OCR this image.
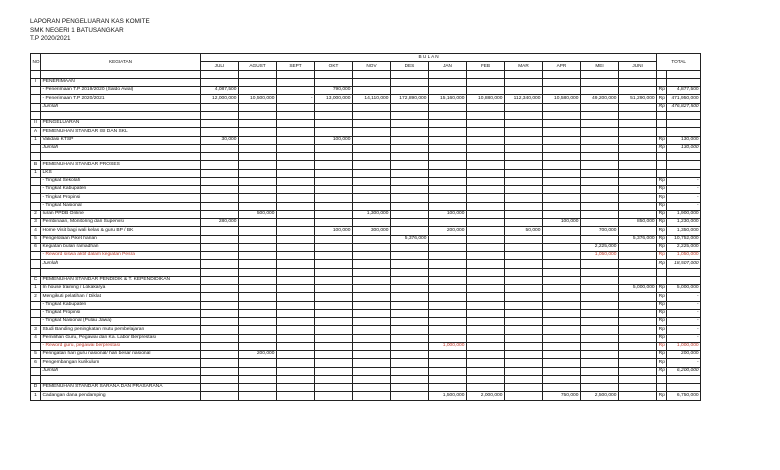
LAPORAN PENGELUARAN KAS KOMITE
SMK NEGERI 1 BATUSANGKAR
T.P 2020/2021
NO	KEGIATAN	B U L A N												TOTAL	
		JULI	AGUST	SEPT	OKT	NOV	DES	JAN	FEB	MAR	APR	MEI	JUNI		

I	PENERIMAAN														
	- Penerimaan T.P 2019/2020 (Saldo Awal)	4,087,500			790,000									Rp	4,877,500
	- Penerimaan T.P 2020/2021	12,000,000	10,500,000	-	13,000,000	14,110,000	172,890,000	15,160,000	10,880,000	112,340,000	10,580,000	49,200,000	51,290,000	Rp	471,950,000
	Jumlah													Rp	476,827,500

II	PENGELUARAN														
A	PEMENUHAN STANDAR ISI DAN SKL														
1	Validasi KTSP	30,000			100,000									Rp	130,000
	Jumlah													Rp	130,000

B	PEMENUHAN STANDAR PROSES														
1	LKS														
	- Tingkat Sekolah													Rp	-
	- Tingkat Kabupaten													Rp	-
	- Tingkat Propinsi													Rp	-
	- Tingkat Nasional													Rp	-
2	Iuran PPDB Online		500,000			1,300,000		100,000						Rp	1,900,000
3	Pembinaan, Monitoring dan Supervisi	280,000									100,000		850,000	Rp	1,230,000
4	Home Visit bagi wali kelas & guru BP / BK				100,000	300,000		200,000		50,000		700,000		Rp	1,350,000
5	Pengelolaan Piket harian						5,376,000						5,376,000	Rp	10,752,000
6	Kegiatan bulan ramadhan											2,225,000		Rp	2,225,000
	- Reword siswa aktif dalam kegiatan Pesra											1,050,000		Rp	1,050,000
	Jumlah													Rp	18,507,000

C	PEMENUHAN STANDAR PENDIDIK & T. KEPENDIDIKAN														
1	In house training / Lokakarya												5,000,000	Rp	5,000,000
2	Mengikuti pelatihan / Diklat													Rp	-
	- Tingkat Kabupaten													Rp	-
	- Tingkat Propinsi													Rp	-
	- Tingkat Nasional (Pulau Jawa)													Rp	-
3	Studi Banding peningkatan mutu pembelajaran													Rp	-
4	Pemilihan Guru, Pegawai dan Ka. Labor Berprestasi													Rp	-
	- Reword guru, pegawai berprestasi							1,000,000						Rp	1,000,000
5	Peringatan hari guru nasional/ hari besar nasional		200,000											Rp	200,000
6	Pengembangan kurikulum													Rp	-
	Jumlah													Rp	6,200,000

D	PEMENUHAN STANDAR SARANA DAN PRASARANA														
1	Cadangan dana pendamping							1,500,000	2,000,000		750,000	2,500,000		Rp	6,750,000
